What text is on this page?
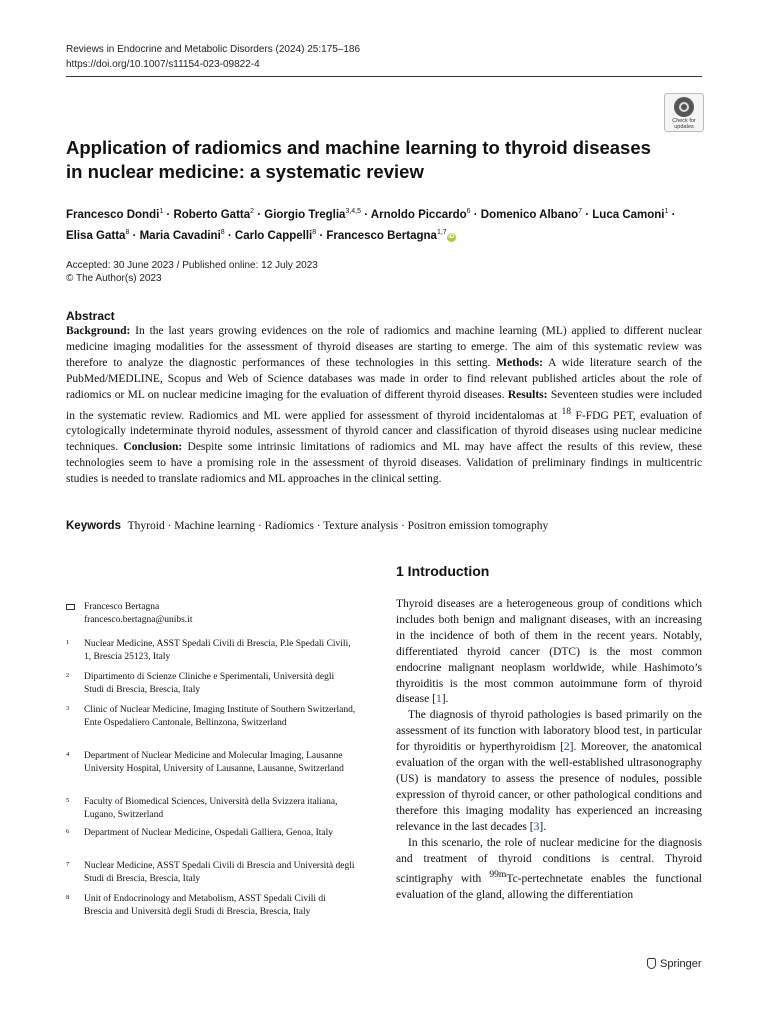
Reviews in Endocrine and Metabolic Disorders (2024) 25:175–186
https://doi.org/10.1007/s11154-023-09822-4
Check for updates
Application of radiomics and machine learning to thyroid diseases in nuclear medicine: a systematic review
Francesco Dondi$^1$ · Roberto Gatta$^2$ · Giorgio Treglia$^{3,4,5}$ · Arnoldo Piccardo$^6$ · Domenico Albano$^7$ · Luca Camoni$^1$ ·
Elisa Gatta$^8$ · Maria Cavadini$^8$ · Carlo Cappelli$^8$ · Francesco Bertagna$^{1,7}$iD
Accepted: 30 June 2023 / Published online: 12 July 2023
© The Author(s) 2023
Abstract
Background: In the last years growing evidences on the role of radiomics and machine learning (ML) applied to different nuclear medicine imaging modalities for the assessment of thyroid diseases are starting to emerge. The aim of this systematic review was therefore to analyze the diagnostic performances of these technologies in this setting. Methods: A wide literature search of the PubMed/MEDLINE, Scopus and Web of Science databases was made in order to find relevant published articles about the role of radiomics or ML on nuclear medicine imaging for the evaluation of different thyroid diseases. Results: Seventeen studies were included in the systematic review. Radiomics and ML were applied for assessment of thyroid incidentalomas at $^{18}$ F-FDG PET, evaluation of cytologically indeterminate thyroid nodules, assessment of thyroid cancer and classification of thyroid diseases using nuclear medicine techniques. Conclusion: Despite some intrinsic limitations of radiomics and ML may have affect the results of this review, these technologies seem to have a promising role in the assessment of thyroid diseases. Validation of preliminary findings in multicentric studies is needed to translate radiomics and ML approaches in the clinical setting.
Keywords Thyroid · Machine learning · Radiomics · Texture analysis · Positron emission tomography
1 Introduction
Francesco Bertagna
francesco.bertagna@unibs.it
1 Nuclear Medicine, ASST Spedali Civili di Brescia, P.le Spedali Civili, 1, Brescia 25123, Italy
2 Dipartimento di Scienze Cliniche e Sperimentali, Università degli Studi di Brescia, Brescia, Italy
3 Clinic of Nuclear Medicine, Imaging Institute of Southern Switzerland, Ente Ospedaliero Cantonale, Bellinzona, Switzerland
4 Department of Nuclear Medicine and Molecular Imaging, Lausanne University Hospital, University of Lausanne, Lausanne, Switzerland
5 Faculty of Biomedical Sciences, Università della Svizzera italiana, Lugano, Switzerland
6 Department of Nuclear Medicine, Ospedali Galliera, Genoa, Italy
7 Nuclear Medicine, ASST Spedali Civili di Brescia and Università degli Studi di Brescia, Brescia, Italy
8 Unit of Endocrinology and Metabolism, ASST Spedali Civili di Brescia and Università degli Studi di Brescia, Brescia, Italy

Thyroid diseases are a heterogeneous group of conditions which includes both benign and malignant diseases, with an increasing in the incidence of both of them in the recent years. Notably, differentiated thyroid cancer (DTC) is the most common endocrine malignant neoplasm worldwide, while Hashimoto’s thyroiditis is the most common autoimmune form of thyroid disease [1].

The diagnosis of thyroid pathologies is based primarily on the assessment of its function with laboratory blood test, in particular for thyroiditis or hyperthyroidism [2]. Moreover, the anatomical evaluation of the organ with the well-established ultrasonography (US) is mandatory to assess the presence of nodules, possible expression of thyroid cancer, or other pathological conditions and therefore this imaging modality has experienced an increasing relevance in the last decades [3].

In this scenario, the role of nuclear medicine for the diagnosis and treatment of thyroid conditions is central. Thyroid scintigraphy with $^{99m}$Tc-pertechnetate enables the functional evaluation of the gland, allowing the differentiation

Springer
